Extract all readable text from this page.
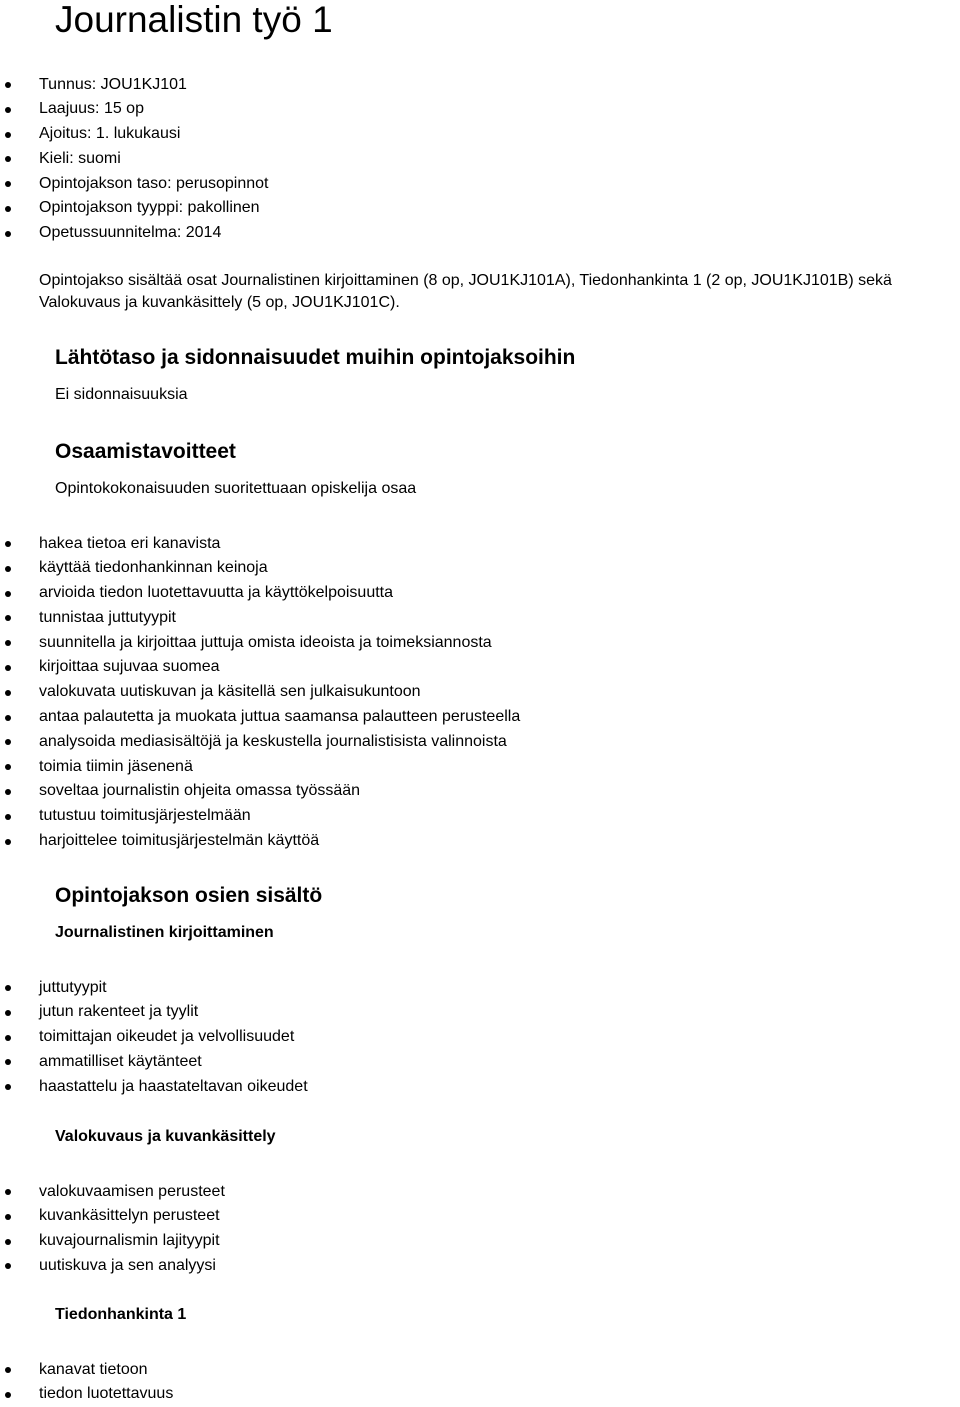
Journalistin työ 1
Tunnus: JOU1KJ101
Laajuus: 15 op
Ajoitus: 1. lukukausi
Kieli: suomi
Opintojakson taso: perusopinnot
Opintojakson tyyppi: pakollinen
Opetussuunnitelma: 2014

Opintojakso sisältää osat Journalistinen kirjoittaminen (8 op, JOU1KJ101A), Tiedonhankinta 1 (2 op, JOU1KJ101B) sekä Valokuvaus ja kuvankäsittely (5 op, JOU1KJ101C).

Lähtötaso ja sidonnaisuudet muihin opintojaksoihin

Ei sidonnaisuuksia

Osaamistavoitteet

Opintokokonaisuuden suoritettuaan opiskelija osaa

hakea tietoa eri kanavista
käyttää tiedonhankinnan keinoja
arvioida tiedon luotettavuutta ja käyttökelpoisuutta
tunnistaa juttutyypit
suunnitella ja kirjoittaa juttuja omista ideoista ja toimeksiannosta
kirjoittaa sujuvaa suomea
valokuvata uutiskuvan ja käsitellä sen julkaisukuntoon
antaa palautetta ja muokata juttua saamansa palautteen perusteella
analysoida mediasisältöjä ja keskustella journalistisista valinnoista
toimia tiimin jäsenenä
soveltaa journalistin ohjeita omassa työssään
tutustuu toimitusjärjestelmään
harjoittelee toimitusjärjestelmän käyttöä
Opintojakson osien sisältö
Journalistinen kirjoittaminen
juttutyypit
jutun rakenteet ja tyylit
toimittajan oikeudet ja velvollisuudet
ammatilliset käytänteet
haastattelu ja haastateltavan oikeudet
Valokuvaus ja kuvankäsittely
valokuvaamisen perusteet
kuvankäsittelyn perusteet
kuvajournalismin lajityypit
uutiskuva ja sen analyysi
Tiedonhankinta 1
kanavat tietoon
tiedon luotettavuus
